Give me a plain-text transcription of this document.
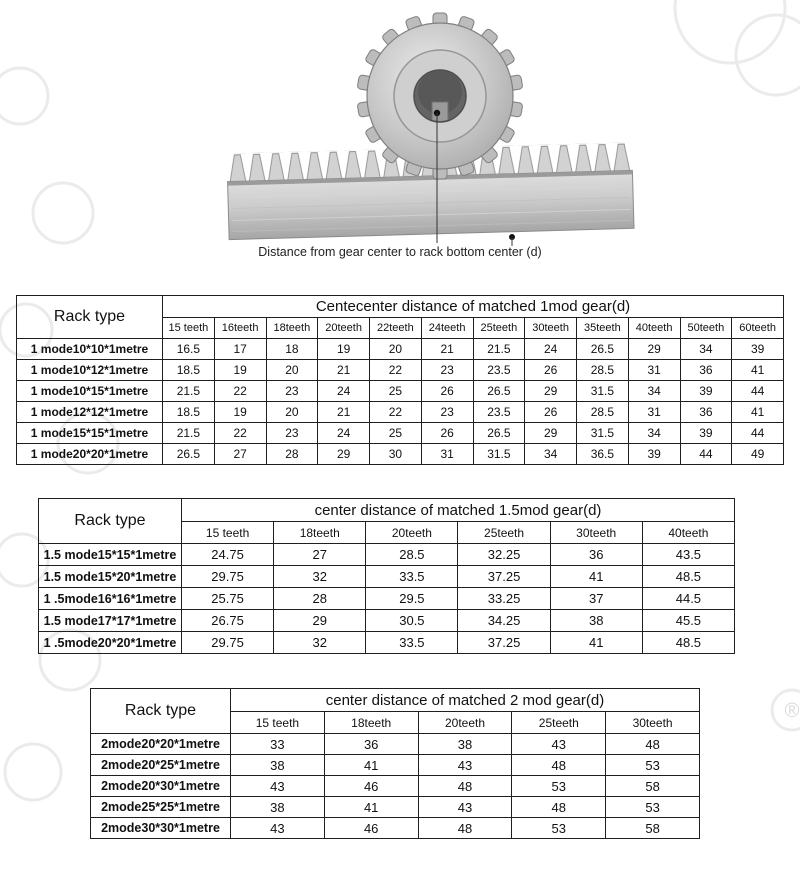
®
Distance from gear center to rack bottom center (d)
Rack type	Centecenter distance of matched 1mod gear(d)											
	15 teeth	16teeth	18teeth	20teeth	22teeth	24teeth	25teeth	30teeth	35teeth	40teeth	50teeth	60teeth
1 mode10*10*1metre	16.5	17	18	19	20	21	21.5	24	26.5	29	34	39
1 mode10*12*1metre	18.5	19	20	21	22	23	23.5	26	28.5	31	36	41
1 mode10*15*1metre	21.5	22	23	24	25	26	26.5	29	31.5	34	39	44
1 mode12*12*1metre	18.5	19	20	21	22	23	23.5	26	28.5	31	36	41
1 mode15*15*1metre	21.5	22	23	24	25	26	26.5	29	31.5	34	39	44
1 mode20*20*1metre	26.5	27	28	29	30	31	31.5	34	36.5	39	44	49
Rack type	center distance of matched 1.5mod gear(d)					
	15 teeth	18teeth	20teeth	25teeth	30teeth	40teeth
1.5 mode15*15*1metre	24.75	27	28.5	32.25	36	43.5
1.5 mode15*20*1metre	29.75	32	33.5	37.25	41	48.5
1 .5mode16*16*1metre	25.75	28	29.5	33.25	37	44.5
1.5 mode17*17*1metre	26.75	29	30.5	34.25	38	45.5
1 .5mode20*20*1metre	29.75	32	33.5	37.25	41	48.5
Rack type	center distance of matched 2 mod gear(d)				
	15 teeth	18teeth	20teeth	25teeth	30teeth
2mode20*20*1metre	33	36	38	43	48
2mode20*25*1metre	38	41	43	48	53
2mode20*30*1metre	43	46	48	53	58
2mode25*25*1metre	38	41	43	48	53
2mode30*30*1metre	43	46	48	53	58
